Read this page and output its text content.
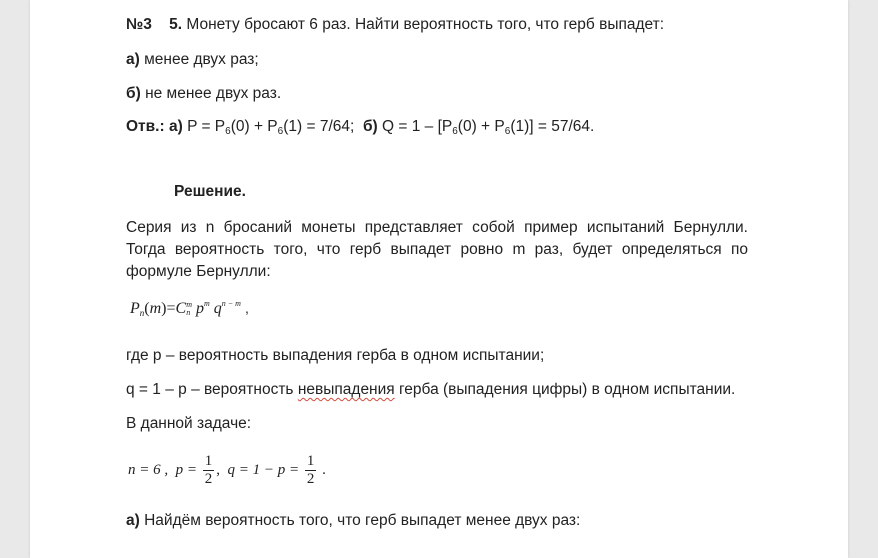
№3 5. Монету бросают 6 раз. Найти вероятность того, что герб выпадет:
а) менее двух раз;
б) не менее двух раз.
Отв.: а) $P = P_6(0) + P_6(1) = 7/64$; б) $Q = 1 - [P_6(0) + P_6(1)] = 57/64$.
Решение.
Серия из n бросаний монеты представляет собой пример испытаний Бернулли.
Тогда вероятность того, что герб выпадет ровно m раз, будет определяться по
формуле Бернулли:
$P_n(m)=C$ m
n p m q n − m ,
где p – вероятность выпадения герба в одном испытании;
q = 1 – p – вероятность невыпадения герба (выпадения цифры) в одном испытании.
В данной задаче:
n = 6 , $p = \frac{1}{2}$ , $q = 1 - p = \frac{1}{2}$ .
а) Найдём вероятность того, что герб выпадет менее двух раз:
